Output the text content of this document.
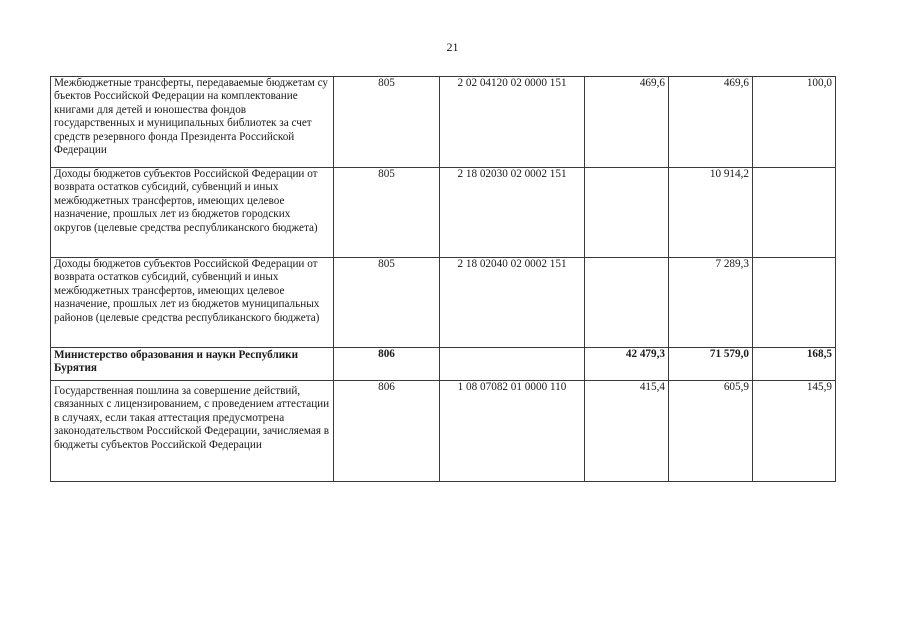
21
Межбюджетные трансферты, передаваемые бюджетам су бъектов Российской Федерации на комплектование книгами для детей и юношества фондов государственных и муниципальных библиотек за счет средств резервного фонда Президента Российской Федерации	805	2 02 04120 02 0000 151	469,6	469,6	100,0
Доходы бюджетов субъектов Российской Федерации от возврата остатков субсидий, субвенций и иных межбюджетных трансфертов, имеющих целевое назначение, прошлых лет из бюджетов городских округов (целевые средства республиканского бюджета)	805	2 18 02030 02 0002 151		10 914,2	
Доходы бюджетов субъектов Российской Федерации от возврата остатков субсидий, субвенций и иных межбюджетных трансфертов, имеющих целевое назначение, прошлых лет из бюджетов муниципальных районов (целевые средства республиканского бюджета)	805	2 18 02040 02 0002 151		7 289,3	
Министерство образования и науки Республики Бурятия	806		42 479,3	71 579,0	168,5
Государственная пошлина за совершение действий, связанных с лицензированием, с проведением аттестации в случаях, если такая аттестация предусмотрена законодательством Российской Федерации, зачисляемая в бюджеты субъектов Российской Федерации	806	1 08 07082 01 0000 110	415,4	605,9	145,9
